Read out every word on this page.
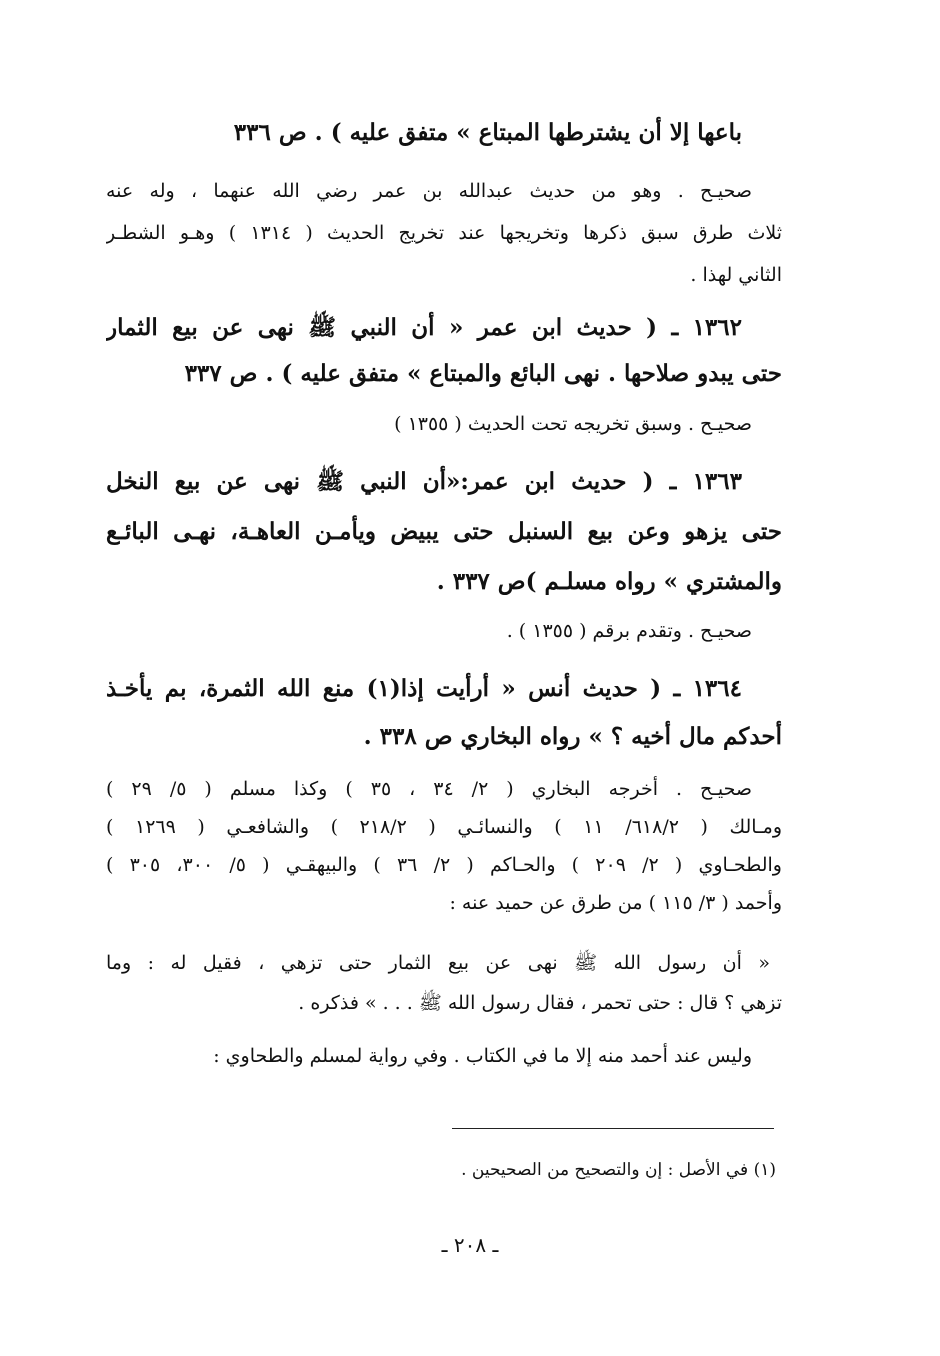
باعها إلا أن يشترطها المبتاع » متفق عليه ) . ص ٣٣٦
صحيـح . وهو من حديث عبدالله بن عمر رضي الله عنهما ، وله عنه
ثلاث طرق سبق ذكرها وتخريجها عند تخريج الحديث ( ١٣١٤ ) وهـو الشطـر
الثاني لهذا .
١٣٦٢ ـ ( حديث ابن عمر « أن النبي ﷺ نهى عن بيع الثمار
حتى يبدو صلاحها . نهى البائع والمبتاع » متفق عليه ) . ص ٣٣٧
صحيـح . وسبق تخريجه تحت الحديث ( ١٣٥٥ )
١٣٦٣ ـ ( حديث ابن عمر:«أن النبي ﷺ نهى عن بيع النخل
حتى يزهو وعن بيع السنبل حتى يبيض ويأمـن العاهـة، نهـى البائـع
والمشتري » رواه مسلـم )ص ٣٣٧ .
صحيـح . وتقدم برقم ( ١٣٥٥ ) .
١٣٦٤ ـ ( حديث أنس « أرأيت إذا(١) منع الله الثمرة، بم يأخـذ
أحدكم مال أخيه ؟ » رواه البخاري ص ٣٣٨ .
صحيـح . أخرجه البخاري ( ٢/ ٣٤ ، ٣٥ ) وكذا مسلم ( ٥/ ٢٩ )
ومـالك ( ٦١٨/٢/ ١١ ) والنسائـي ( ٢١٨/٢ ) والشافعـي ( ١٢٦٩ )
والطحـاوي ( ٢/ ٢٠٩ ) والحـاكم ( ٢/ ٣٦ ) والبيهقـي ( ٥/ ٣٠٠، ٣٠٥ )
وأحمد ( ٣/ ١١٥ ) من طرق عن حميد عنه :
« أن رسول الله ﷺ نهى عن بيع الثمار حتى تزهي ، فقيل له : وما
تزهي ؟ قال : حتى تحمر ، فقال رسول الله ﷺ . . . » فذكره .
وليس عند أحمد منه إلا ما في الكتاب . وفي رواية لمسلم والطحاوي :
(١) في الأصل : إن والتصحيح من الصحيحين .
ـ ٢٠٨ ـ
